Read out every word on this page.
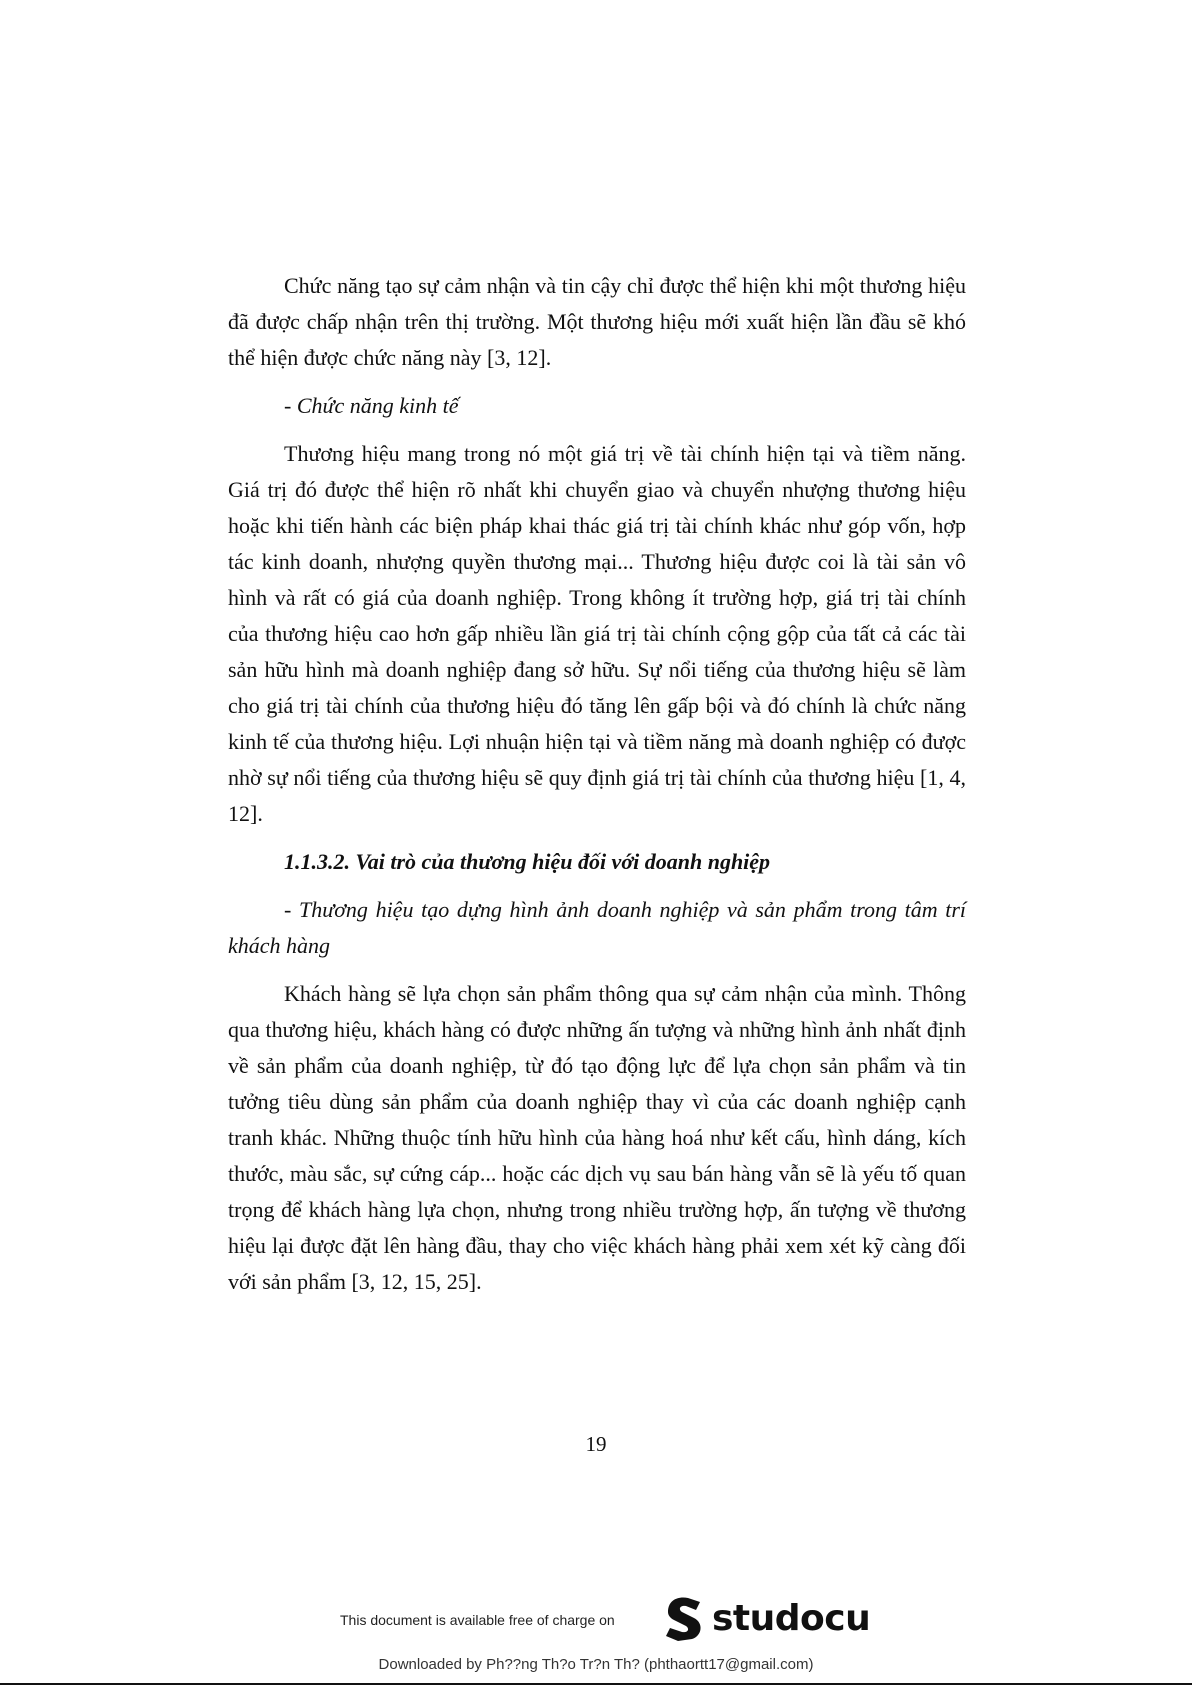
Chức năng tạo sự cảm nhận và tin cậy chỉ được thể hiện khi một thương hiệu đã được chấp nhận trên thị trường. Một thương hiệu mới xuất hiện lần đầu sẽ khó thể hiện được chức năng này [3, 12].

- Chức năng kinh tế

Thương hiệu mang trong nó một giá trị về tài chính hiện tại và tiềm năng. Giá trị đó được thể hiện rõ nhất khi chuyển giao và chuyển nhượng thương hiệu hoặc khi tiến hành các biện pháp khai thác giá trị tài chính khác như góp vốn, hợp tác kinh doanh, nhượng quyền thương mại... Thương hiệu được coi là tài sản vô hình và rất có giá của doanh nghiệp. Trong không ít trường hợp, giá trị tài chính của thương hiệu cao hơn gấp nhiều lần giá trị tài chính cộng gộp của tất cả các tài sản hữu hình mà doanh nghiệp đang sở hữu. Sự nổi tiếng của thương hiệu sẽ làm cho giá trị tài chính của thương hiệu đó tăng lên gấp bội và đó chính là chức năng kinh tế của thương hiệu. Lợi nhuận hiện tại và tiềm năng mà doanh nghiệp có được nhờ sự nổi tiếng của thương hiệu sẽ quy định giá trị tài chính của thương hiệu [1, 4, 12].

1.1.3.2. Vai trò của thương hiệu đối với doanh nghiệp

- Thương hiệu tạo dựng hình ảnh doanh nghiệp và sản phẩm trong tâm trí khách hàng

Khách hàng sẽ lựa chọn sản phẩm thông qua sự cảm nhận của mình. Thông qua thương hiệu, khách hàng có được những ấn tượng và những hình ảnh nhất định về sản phẩm của doanh nghiệp, từ đó tạo động lực để lựa chọn sản phẩm và tin tưởng tiêu dùng sản phẩm của doanh nghiệp thay vì của các doanh nghiệp cạnh tranh khác. Những thuộc tính hữu hình của hàng hoá như kết cấu, hình dáng, kích thước, màu sắc, sự cứng cáp... hoặc các dịch vụ sau bán hàng vẫn sẽ là yếu tố quan trọng để khách hàng lựa chọn, nhưng trong nhiều trường hợp, ấn tượng về thương hiệu lại được đặt lên hàng đầu, thay cho việc khách hàng phải xem xét kỹ càng đối với sản phẩm [3, 12, 15, 25].

19
This document is available free of charge on	studocu
Downloaded by Ph??ng Th?o Tr?n Th? (phthaortt17@gmail.com)
